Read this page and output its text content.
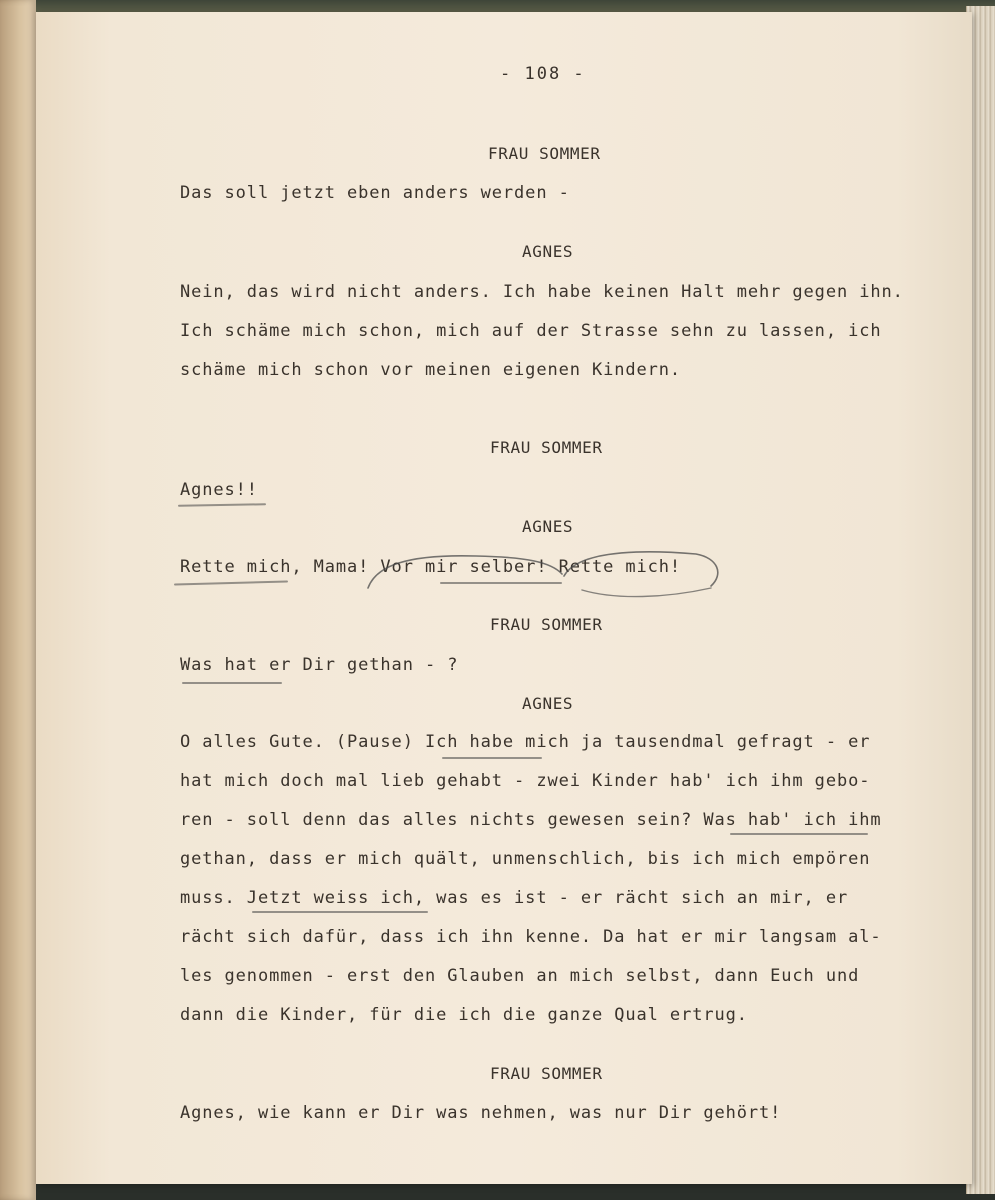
- 108 -
FRAU SOMMER
Das soll jetzt eben anders werden -
AGNES
Nein, das wird nicht anders. Ich habe keinen Halt mehr gegen ihn.
Ich schäme mich schon, mich auf der Strasse sehn zu lassen, ich
schäme mich schon vor meinen eigenen Kindern.
FRAU SOMMER
Agnes!!
AGNES
Rette mich, Mama! Vor mir selber! Rette mich!
FRAU SOMMER
Was hat er Dir gethan - ?
AGNES
O alles Gute. (Pause) Ich habe mich ja tausendmal gefragt - er
hat mich doch mal lieb gehabt - zwei Kinder hab' ich ihm gebo-
ren - soll denn das alles nichts gewesen sein? Was hab' ich ihm
gethan, dass er mich quält, unmenschlich, bis ich mich empören
muss. Jetzt weiss ich, was es ist - er rächt sich an mir, er
rächt sich dafür, dass ich ihn kenne. Da hat er mir langsam al-
les genommen - erst den Glauben an mich selbst, dann Euch und
dann die Kinder, für die ich die ganze Qual ertrug.
FRAU SOMMER
Agnes, wie kann er Dir was nehmen, was nur Dir gehört!
